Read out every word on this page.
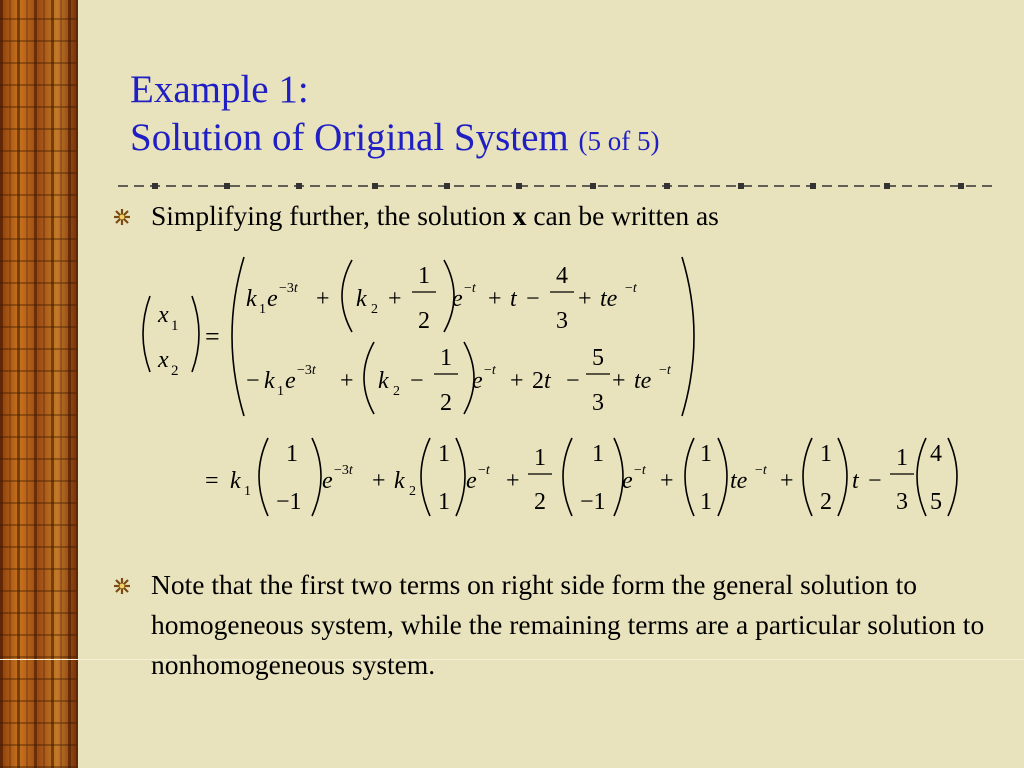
Example 1:
Solution of Original System (5 of 5)
Simplifying further, the solution x can be written as
x 1
x 2
=
k 1 e −3t + k 2 +
1
2
e −t + t −
4
3
+ te −t
− k 1 e −3t + k 2 −
1
2
e −t + 2t −
5
3
+ te −t
= k 1
1
−1
e −3t + k 2
1
1
e −t +
1
2
1
−1
e −t +
1
1
te −t +
1
2
t −
1
3
4
5
Note that the first two terms on right side form the general solution to homogeneous system, while the remaining terms are a particular solution to nonhomogeneous system.
